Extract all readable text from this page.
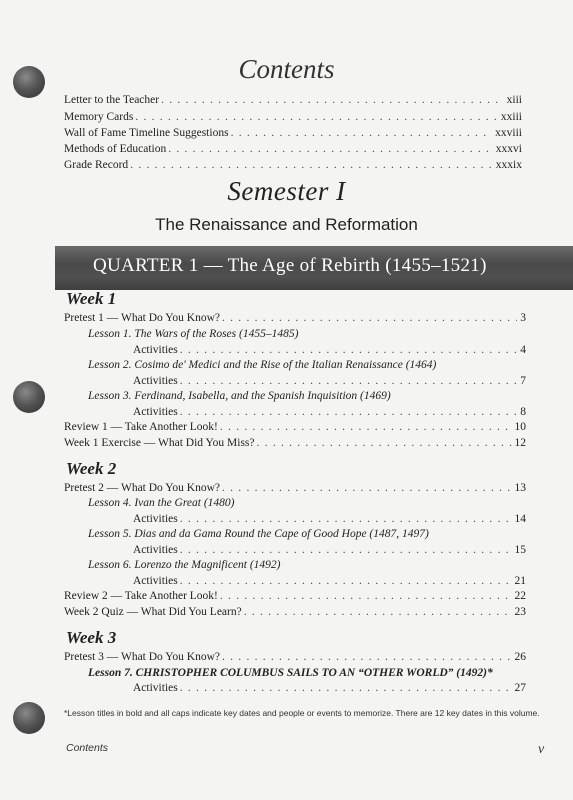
Contents
Letter to the Teacher . . .	xiii
Memory Cards . . .	xxiii
Wall of Fame Timeline Suggestions . . .	xxviii
Methods of Education . . .	xxxvi
Grade Record . . .	xxxix
Semester I
The Renaissance and Reformation
QUARTER 1 — The Age of Rebirth (1455–1521)
Week 1
Pretest 1 — What Do You Know? . . .	3
Lesson 1. The Wars of the Roses (1455–1485)
Activities . . .	4
Lesson 2. Cosimo de' Medici and the Rise of the Italian Renaissance (1464)
Activities . . .	7
Lesson 3. Ferdinand, Isabella, and the Spanish Inquisition (1469)
Activities . . .	8
Review 1 — Take Another Look! . . .	10
Week 1 Exercise — What Did You Miss? . . .	12
Week 2
Pretest 2 — What Do You Know? . . .	13
Lesson 4. Ivan the Great (1480)
Activities . . .	14
Lesson 5. Dias and da Gama Round the Cape of Good Hope (1487, 1497)
Activities . . .	15
Lesson 6. Lorenzo the Magnificent (1492)
Activities . . .	21
Review 2 — Take Another Look! . . .	22
Week 2 Quiz — What Did You Learn? . . .	23
Week 3
Pretest 3 — What Do You Know? . . .	26
Lesson 7. CHRISTOPHER COLUMBUS SAILS TO AN “OTHER WORLD” (1492)*
Activities . . .	27
*Lesson titles in bold and all caps indicate key dates and people or events to memorize. There are 12 key dates in this volume.
Contents	v
